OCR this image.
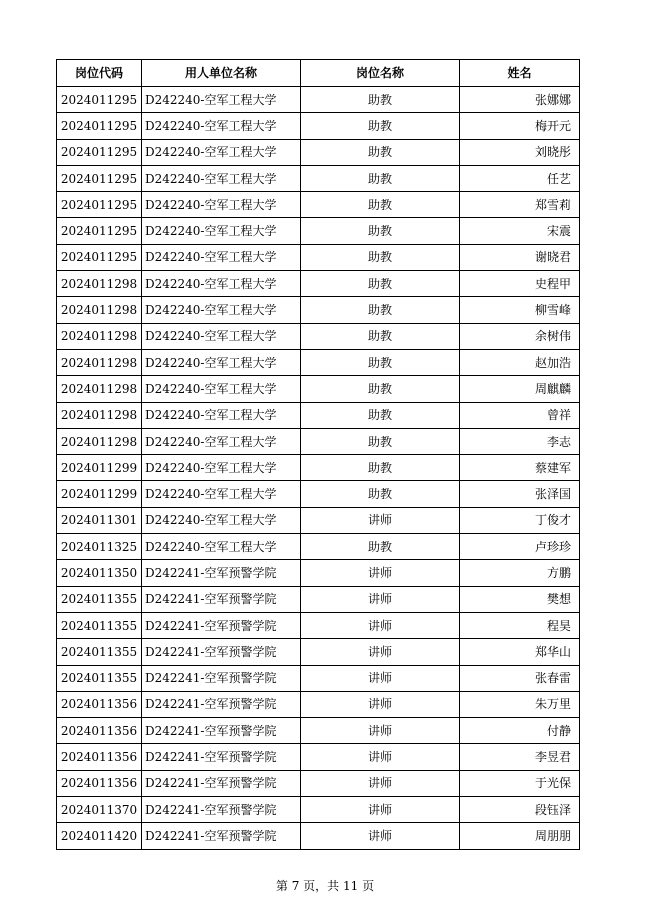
岗位代码	用人单位名称	岗位名称	姓名
2024011295	D242240-空军工程大学	助教	张娜娜
2024011295	D242240-空军工程大学	助教	梅开元
2024011295	D242240-空军工程大学	助教	刘晓彤
2024011295	D242240-空军工程大学	助教	任艺
2024011295	D242240-空军工程大学	助教	郑雪莉
2024011295	D242240-空军工程大学	助教	宋震
2024011295	D242240-空军工程大学	助教	谢晓君
2024011298	D242240-空军工程大学	助教	史程甲
2024011298	D242240-空军工程大学	助教	柳雪峰
2024011298	D242240-空军工程大学	助教	余树伟
2024011298	D242240-空军工程大学	助教	赵加浩
2024011298	D242240-空军工程大学	助教	周麒麟
2024011298	D242240-空军工程大学	助教	曾祥
2024011298	D242240-空军工程大学	助教	李志
2024011299	D242240-空军工程大学	助教	蔡建军
2024011299	D242240-空军工程大学	助教	张泽国
2024011301	D242240-空军工程大学	讲师	丁俊才
2024011325	D242240-空军工程大学	助教	卢珍珍
2024011350	D242241-空军预警学院	讲师	方鹏
2024011355	D242241-空军预警学院	讲师	樊想
2024011355	D242241-空军预警学院	讲师	程昊
2024011355	D242241-空军预警学院	讲师	郑华山
2024011355	D242241-空军预警学院	讲师	张春雷
2024011356	D242241-空军预警学院	讲师	朱万里
2024011356	D242241-空军预警学院	讲师	付静
2024011356	D242241-空军预警学院	讲师	李昱君
2024011356	D242241-空军预警学院	讲师	于光保
2024011370	D242241-空军预警学院	讲师	段钰泽
2024011420	D242241-空军预警学院	讲师	周朋朋
第 7 页，共 11 页
